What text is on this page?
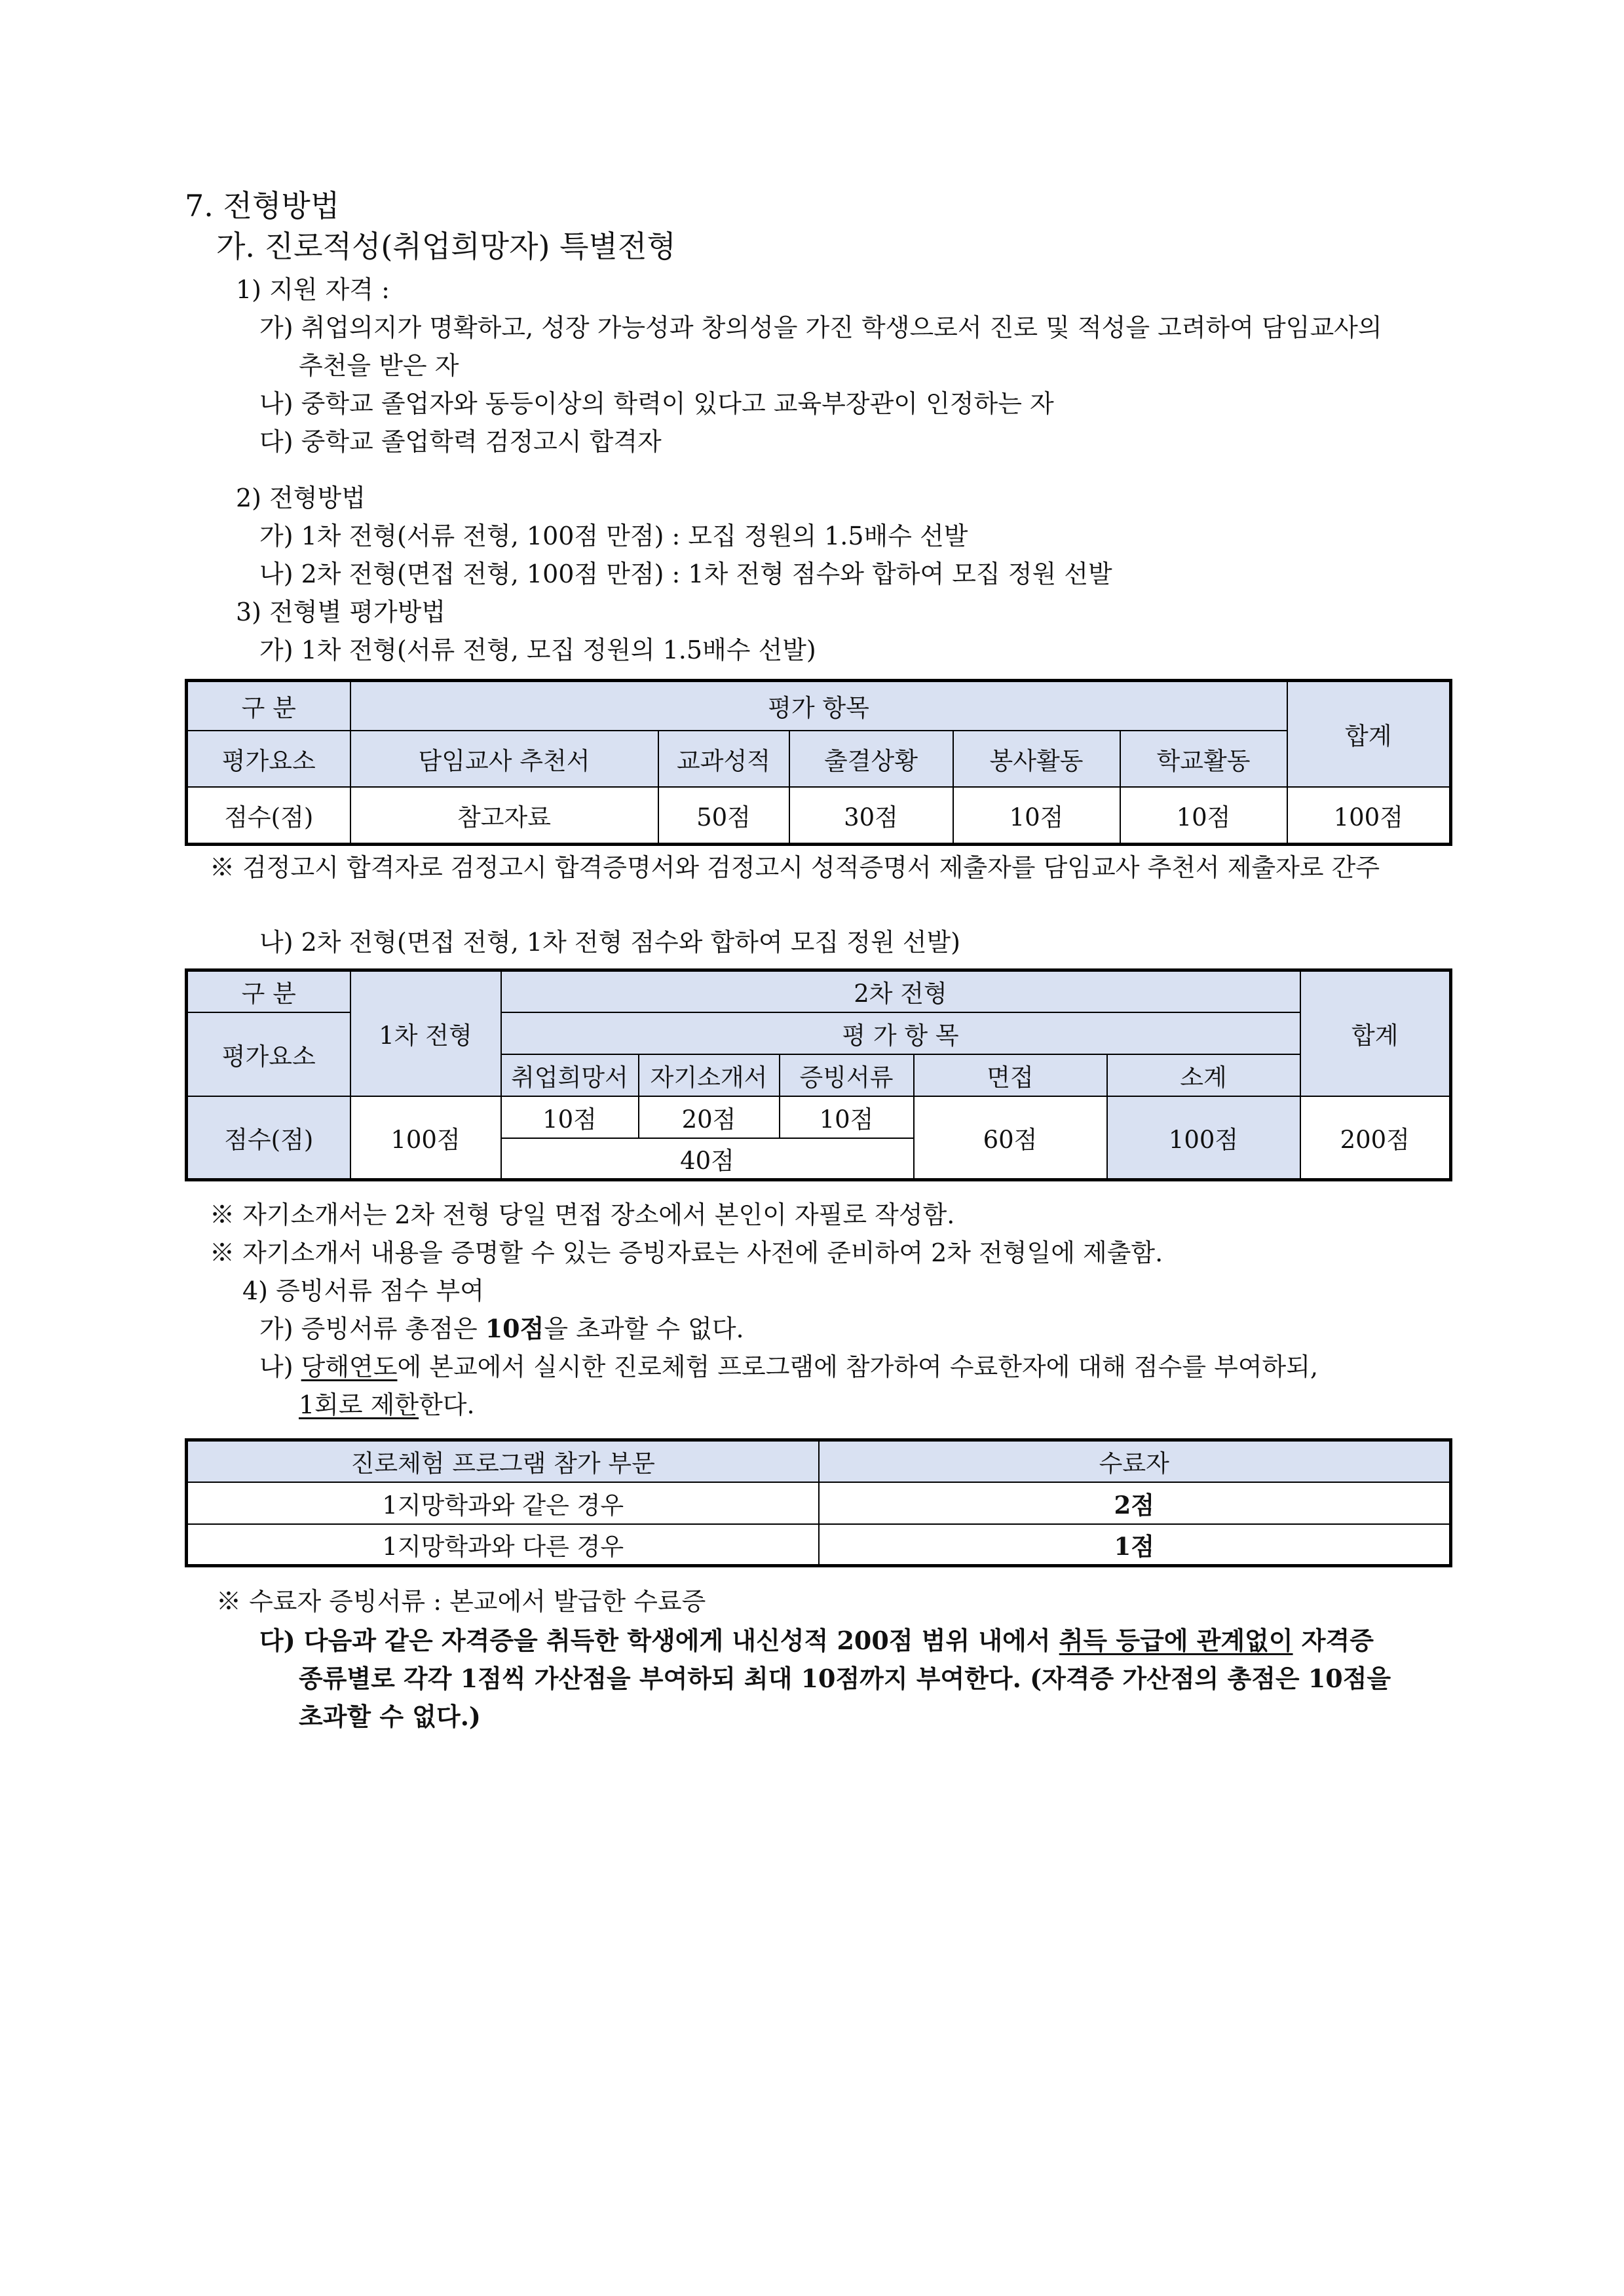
7. 전형방법
가. 진로적성(취업희망자) 특별전형
1) 지원 자격 :
가) 취업의지가 명확하고, 성장 가능성과 창의성을 가진 학생으로서 진로 및 적성을 고려하여 담임교사의
추천을 받은 자
나) 중학교 졸업자와 동등이상의 학력이 있다고 교육부장관이 인정하는 자
다) 중학교 졸업학력 검정고시 합격자
2) 전형방법
가) 1차 전형(서류 전형, 100점 만점) : 모집 정원의 1.5배수 선발
나) 2차 전형(면접 전형, 100점 만점) : 1차 전형 점수와 합하여 모집 정원 선발
3) 전형별 평가방법
가) 1차 전형(서류 전형, 모집 정원의 1.5배수 선발)
구 분	평가 항목					합계
평가요소	담임교사 추천서	교과성적	출결상황	봉사활동	학교활동	
점수(점)	참고자료	50점	30점	10점	10점	100점
※ 검정고시 합격자로 검정고시 합격증명서와 검정고시 성적증명서 제출자를 담임교사 추천서 제출자로 간주
나) 2차 전형(면접 전형, 1차 전형 점수와 합하여 모집 정원 선발)
구 분	1차 전형	2차 전형					합계
평가요소		평 가 항 목					
		취업희망서	자기소개서	증빙서류	면접	소계	
점수(점)	100점	10점	20점	10점	60점	100점	200점
		40점					
※ 자기소개서는 2차 전형 당일 면접 장소에서 본인이 자필로 작성함.
※ 자기소개서 내용을 증명할 수 있는 증빙자료는 사전에 준비하여 2차 전형일에 제출함.
4) 증빙서류 점수 부여
가) 증빙서류 총점은 10점을 초과할 수 없다.
나) 당해연도에 본교에서 실시한 진로체험 프로그램에 참가하여 수료한자에 대해 점수를 부여하되,
1회로 제한한다.
진로체험 프로그램 참가 부문	수료자
1지망학과와 같은 경우	2점
1지망학과와 다른 경우	1점
※ 수료자 증빙서류 : 본교에서 발급한 수료증
다) 다음과 같은 자격증을 취득한 학생에게 내신성적 200점 범위 내에서 취득 등급에 관계없이 자격증
종류별로 각각 1점씩 가산점을 부여하되 최대 10점까지 부여한다. (자격증 가산점의 총점은 10점을
초과할 수 없다.)
